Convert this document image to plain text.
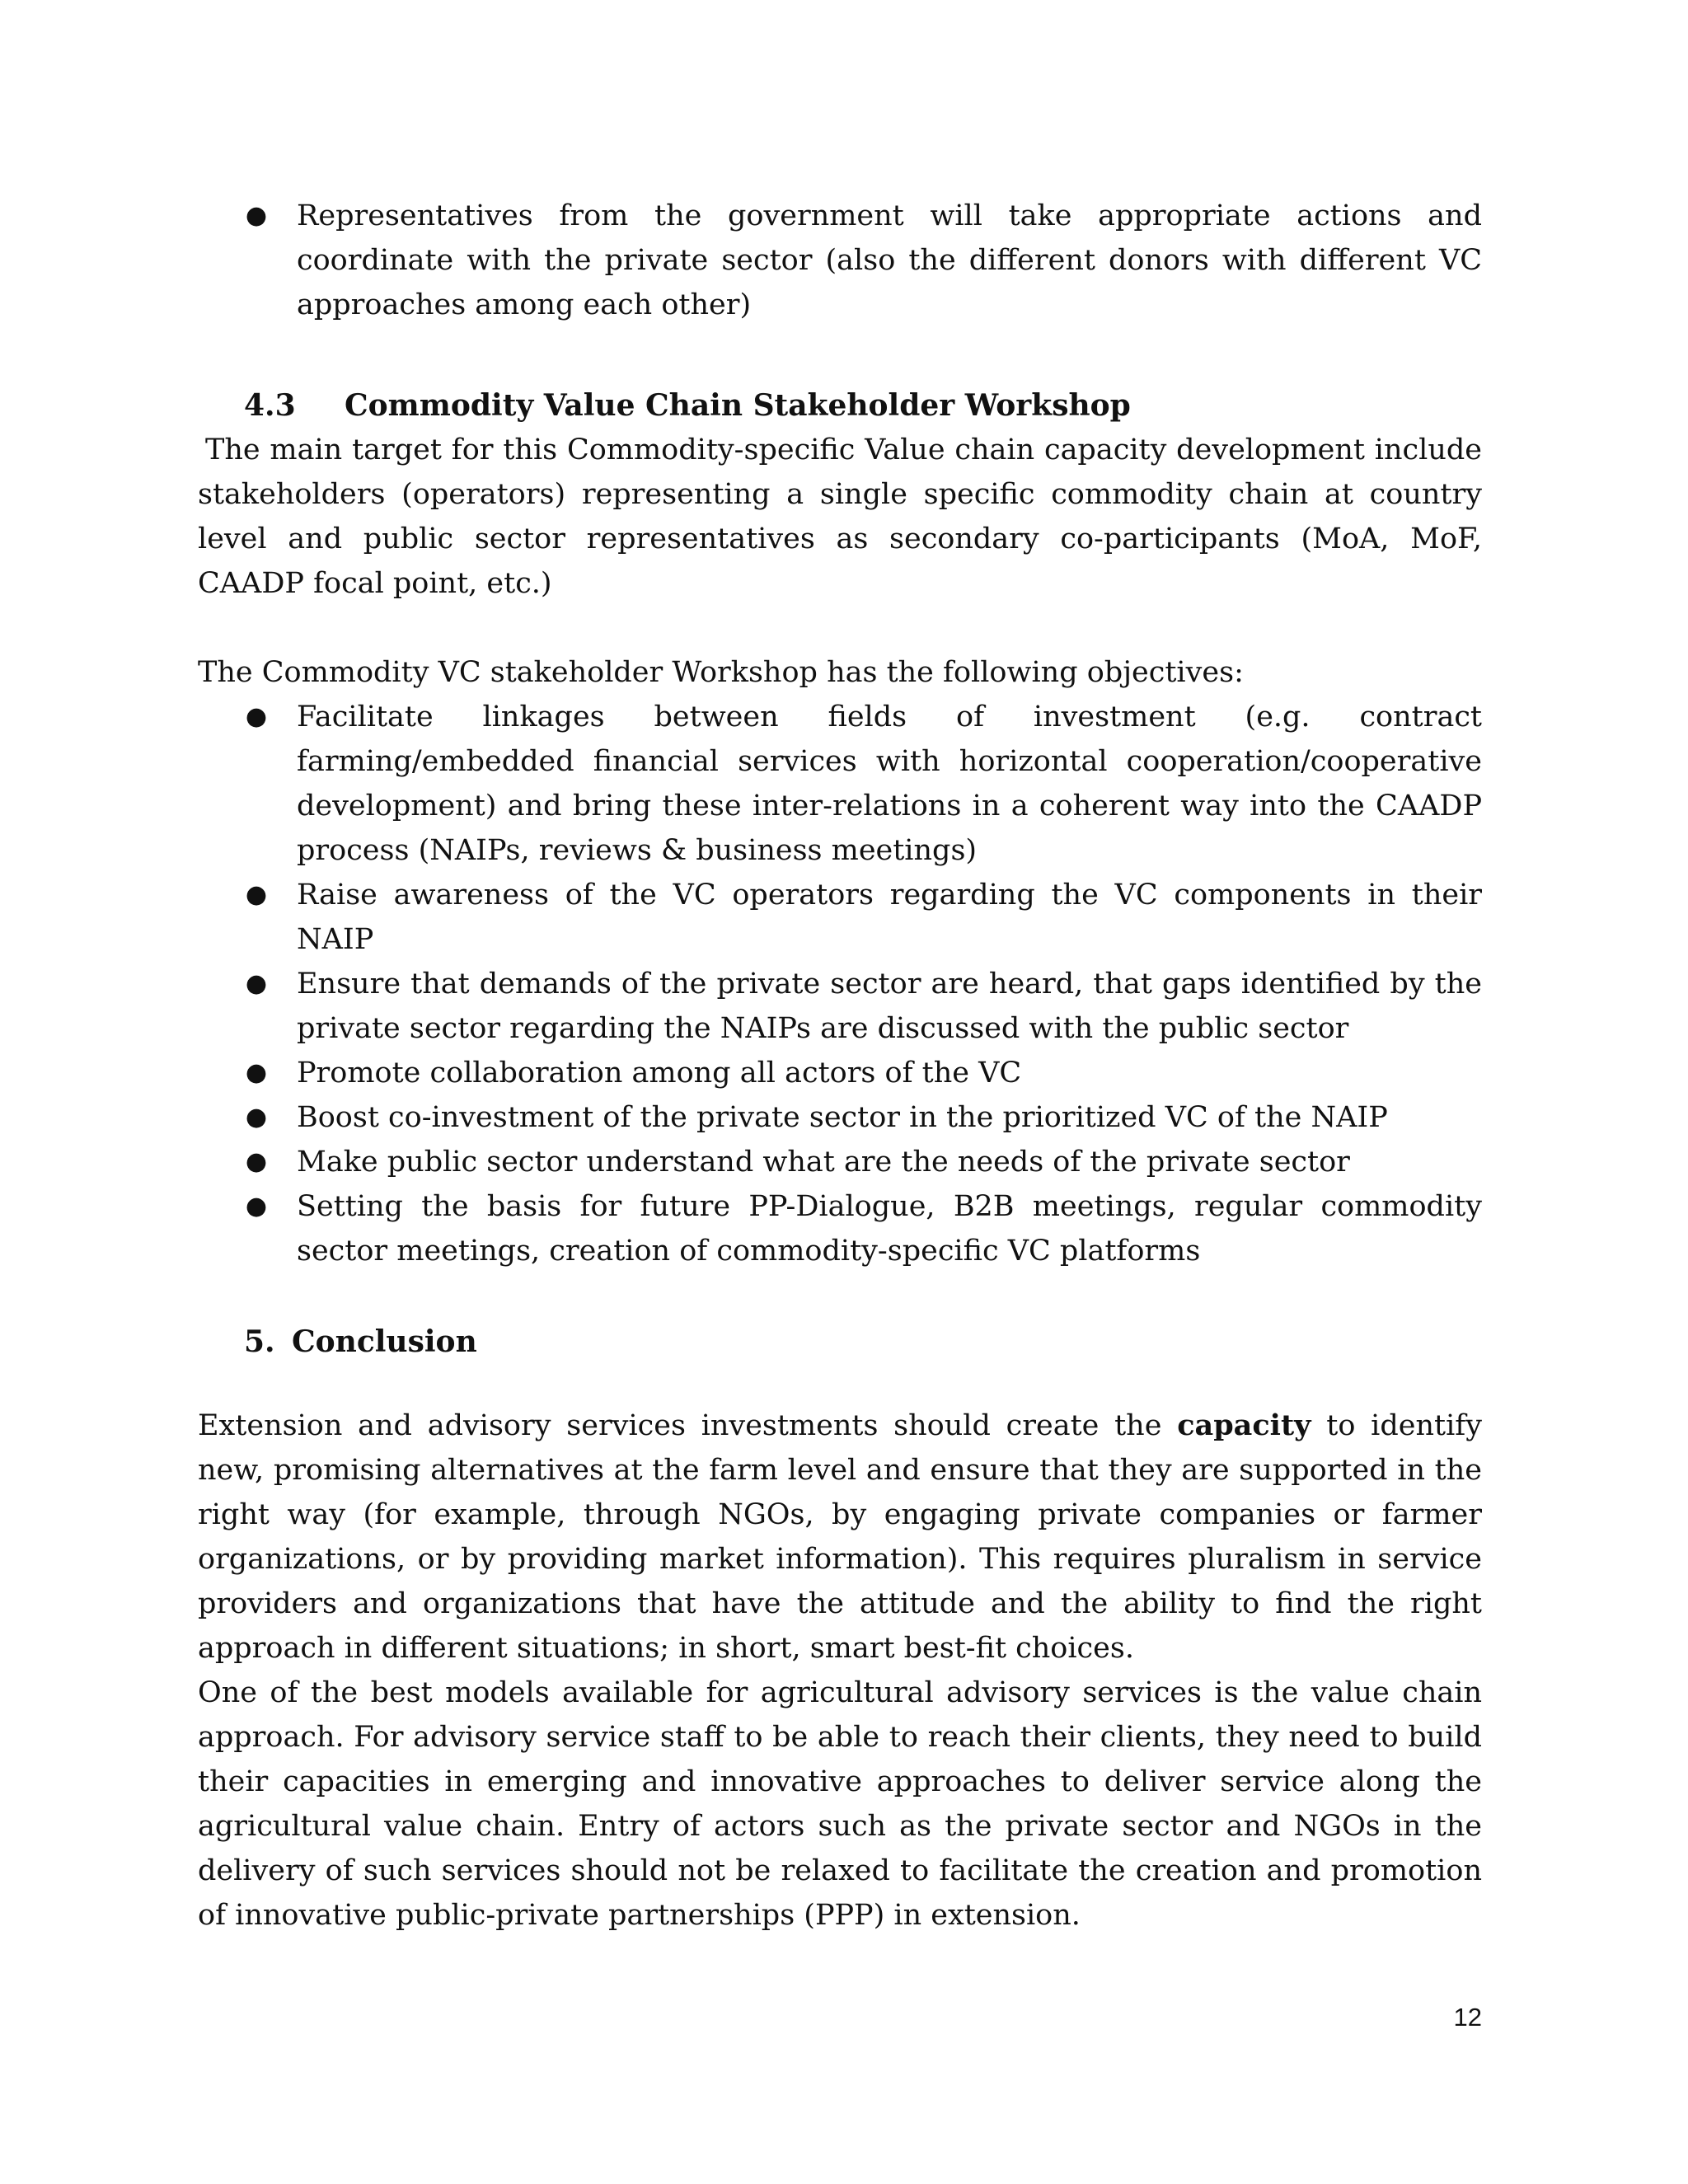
● Representatives from the government will take appropriate actions and coordinate with the private sector (also the different donors with different VC approaches among each other)
4.3 Commodity Value Chain Stakeholder Workshop

The main target for this Commodity-specific Value chain capacity development include stakeholders (operators) representing a single specific commodity chain at country level and public sector representatives as secondary co-participants (MoA, MoF, CAADP focal point, etc.)

The Commodity VC stakeholder Workshop has the following objectives:

● Facilitate linkages between fields of investment (e.g. contract farming/embedded financial services with horizontal cooperation/cooperative development) and bring these inter-relations in a coherent way into the CAADP process (NAIPs, reviews & business meetings)
● Raise awareness of the VC operators regarding the VC components in their NAIP
● Ensure that demands of the private sector are heard, that gaps identified by the private sector regarding the NAIPs are discussed with the public sector
● Promote collaboration among all actors of the VC
● Boost co-investment of the private sector in the prioritized VC of the NAIP
● Make public sector understand what are the needs of the private sector
● Setting the basis for future PP-Dialogue, B2B meetings, regular commodity sector meetings, creation of commodity-specific VC platforms
5. Conclusion

Extension and advisory services investments should create the capacity to identify new, promising alternatives at the farm level and ensure that they are supported in the right way (for example, through NGOs, by engaging private companies or farmer organizations, or by providing market information). This requires pluralism in service providers and organizations that have the attitude and the ability to find the right approach in different situations; in short, smart best-fit choices.

One of the best models available for agricultural advisory services is the value chain approach. For advisory service staff to be able to reach their clients, they need to build their capacities in emerging and innovative approaches to deliver service along the agricultural value chain. Entry of actors such as the private sector and NGOs in the delivery of such services should not be relaxed to facilitate the creation and promotion of innovative public-private partnerships (PPP) in extension.

12
